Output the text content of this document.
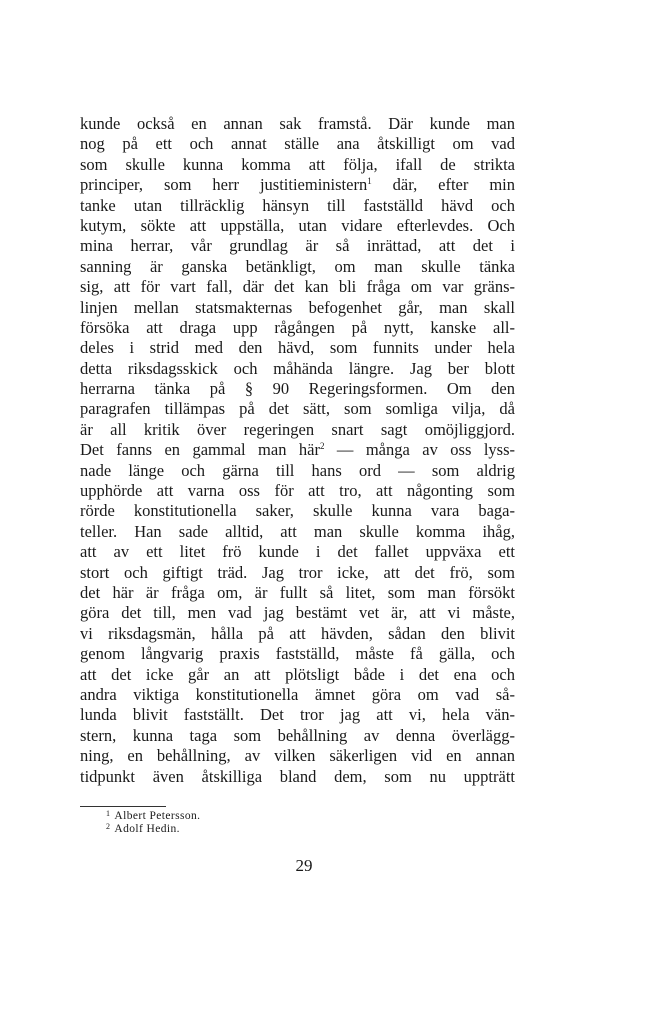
kunde också en annan sak framstå. Där kunde man
nog på ett och annat ställe ana åtskilligt om vad
som skulle kunna komma att följa, ifall de strikta
principer, som herr justitieministern$^1$ där, efter min
tanke utan tillräcklig hänsyn till fastställd hävd och
kutym, sökte att uppställa, utan vidare efterlevdes. Och
mina herrar, vår grundlag är så inrättad, att det i
sanning är ganska betänkligt, om man skulle tänka
sig, att för vart fall, där det kan bli fråga om var gräns-
linjen mellan statsmakternas befogenhet går, man skall
försöka att draga upp rågången på nytt, kanske all-
deles i strid med den hävd, som funnits under hela
detta riksdagsskick och måhända längre. Jag ber blott
herrarna tänka på § 90 Regeringsformen. Om den
paragrafen tillämpas på det sätt, som somliga vilja, då
är all kritik över regeringen snart sagt omöjliggjord.
Det fanns en gammal man här$^2$ — många av oss lyss-
nade länge och gärna till hans ord — som aldrig
upphörde att varna oss för att tro, att någonting som
rörde konstitutionella saker, skulle kunna vara baga-
teller. Han sade alltid, att man skulle komma ihåg,
att av ett litet frö kunde i det fallet uppväxa ett
stort och giftigt träd. Jag tror icke, att det frö, som
det här är fråga om, är fullt så litet, som man försökt
göra det till, men vad jag bestämt vet är, att vi måste,
vi riksdagsmän, hålla på att hävden, sådan den blivit
genom långvarig praxis fastställd, måste få gälla, och
att det icke går an att plötsligt både i det ena och
andra viktiga konstitutionella ämnet göra om vad så-
lunda blivit fastställt. Det tror jag att vi, hela vän-
stern, kunna taga som behållning av denna överlägg-
ning, en behållning, av vilken säkerligen vid en annan
tidpunkt även åtskilliga bland dem, som nu uppträtt
$^1$ Albert Petersson.
$^2$ Adolf Hedin.
29
